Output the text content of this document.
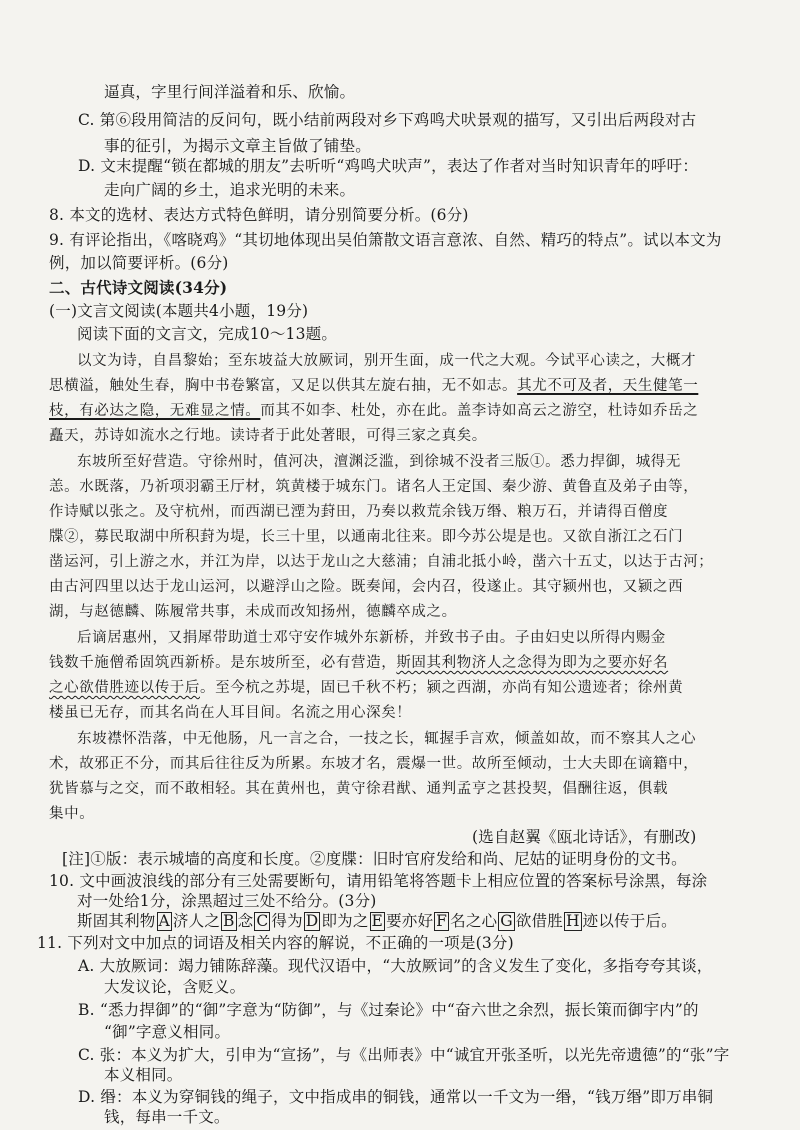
逼真，字里行间洋溢着和乐、欣愉。
C. 第⑥段用简洁的反问句，既小结前两段对乡下鸡鸣犬吠景观的描写，又引出后两段对古
事的征引，为揭示文章主旨做了铺垫。
D. 文末提醒“锁在都城的朋友”去听听“鸡鸣犬吠声”，表达了作者对当时知识青年的呼吁：
走向广阔的乡土，追求光明的未来。
8. 本文的选材、表达方式特色鲜明，请分别简要分析。(6分)
9. 有评论指出，《喀晓鸡》“其切地体现出吴伯箫散文语言意浓、自然、精巧的特点”。试以本文为
例，加以简要评析。(6分)
二、古代诗文阅读(34分)
(一)文言文阅读(本题共4小题，19分)
阅读下面的文言文，完成10～13题。
以文为诗，自昌黎始；至东坡益大放厥词，别开生面，成一代之大观。今试平心读之，大概才
思横溢，触处生春，胸中书卷繁富，又足以供其左旋右抽，无不如志。其尤不可及者，天生健笔一
枝，有必达之隐，无难显之情。而其不如李、杜处，亦在此。盖李诗如高云之游空，杜诗如乔岳之
矗天，苏诗如流水之行地。读诗者于此处著眼，可得三家之真矣。
东坡所至好营造。守徐州时，值河决，澶渊泛滥，到徐城不没者三版①。悉力捍御，城得无
恙。水既落，乃祈项羽霸王厅材，筑黄楼于城东门。诸名人王定国、秦少游、黄鲁直及弟子由等，
作诗赋以张之。及守杭州，而西湖已湮为葑田，乃奏以救荒余钱万缗、粮万石，并请得百僧度
牒②，募民取湖中所积葑为堤，长三十里，以通南北往来。即今苏公堤是也。又欲自浙江之石门
凿运河，引上游之水，并江为岸，以达于龙山之大慈浦；自浦北抵小岭，凿六十五丈，以达于古河；
由古河四里以达于龙山运河，以避浮山之险。既奏闻，会内召，役遂止。其守颍州也，又颍之西
湖，与赵德麟、陈履常共事，未成而改知扬州，德麟卒成之。
后谪居惠州，又捐犀带助道士邓守安作城外东新桥，并致书子由。子由妇史以所得内赐金
钱数千施僧希固筑西新桥。是东坡所至，必有营造，斯固其利物济人之念得为即为之要亦好名
之心欲借胜迹以传于后。至今杭之苏堤，固已千秋不朽；颍之西湖，亦尚有知公遗迹者；徐州黄
楼虽已无存，而其名尚在人耳目间。名流之用心深矣！
东坡襟怀浩落，中无他肠，凡一言之合，一技之长，辄握手言欢，倾盖如故，而不察其人之心
术，故邪正不分，而其后往往反为所累。东坡才名，震爆一世。故所至倾动，士大夫即在谪籍中，
犹皆慕与之交，而不敢相轻。其在黄州也，黄守徐君猷、通判孟亨之甚投契，倡酬往返，俱载
集中。
(选自赵翼《瓯北诗话》，有删改)
[注]①版：表示城墙的高度和长度。②度牒：旧时官府发给和尚、尼姑的证明身份的文书。
10. 文中画波浪线的部分有三处需要断句，请用铅笔将答题卡上相应位置的答案标号涂黑，每涂
对一处给1分，涂黑超过三处不给分。(3分)
斯固其利物 A 济人之 B 念 C 得为 D 即为之 E 要亦好 F 名之心 G 欲借胜 H 迹以传于后。
11. 下列对文中加点的词语及相关内容的解说，不正确的一项是(3分)
A. 大放厥词：竭力铺陈辞藻。现代汉语中，“大放厥词”的含义发生了变化，多指夸夸其谈，
大发议论，含贬义。
B. “悉力捍御”的“御”字意为“防御”，与《过秦论》中“奋六世之余烈，振长策而御宇内”的
“御”字意义相同。
C. 张：本义为扩大，引申为“宣扬”，与《出师表》中“诚宜开张圣听，以光先帝遗德”的“张”字
本义相同。
D. 缗：本义为穿铜钱的绳子，文中指成串的铜钱，通常以一千文为一缗，“钱万缗”即万串铜
钱，每串一千文。
